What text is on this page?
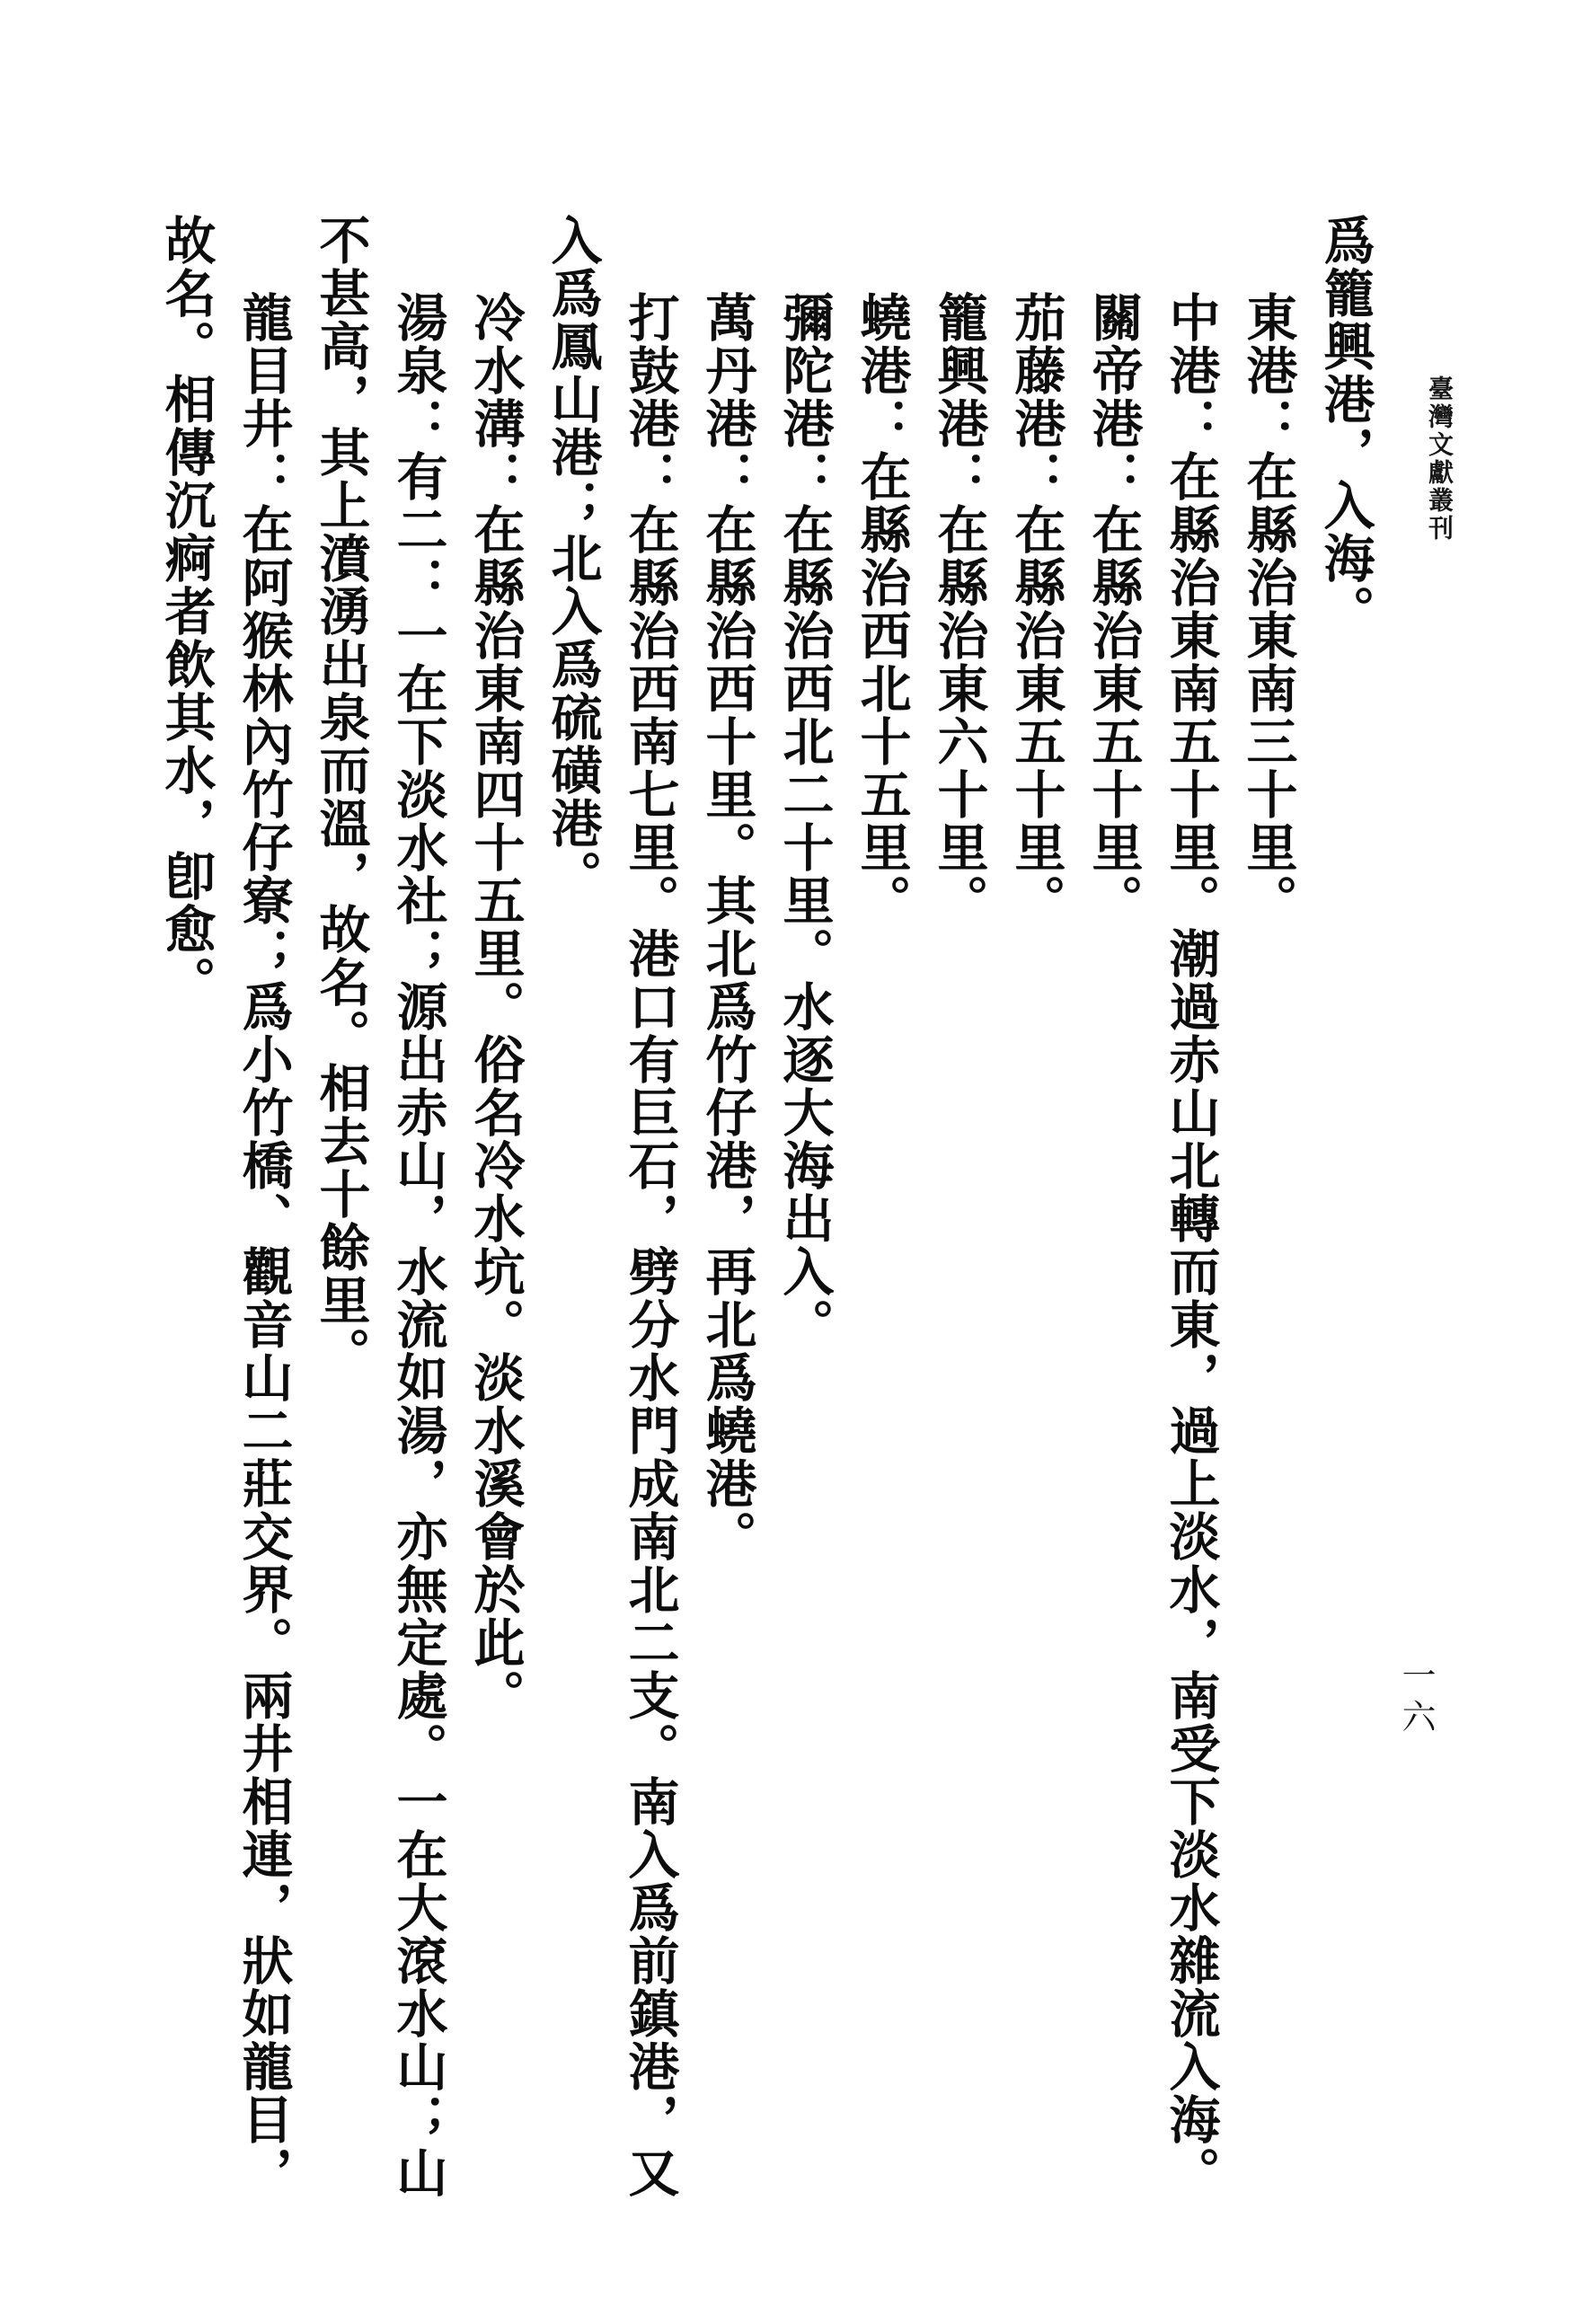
臺灣文獻叢刊
一六
爲籠興港，入海。
東港：在縣治東南三十里。
中港：在縣治東南五十里。潮過赤山北轉而東，過上淡水，南受下淡水雜流入海。
關帝港：在縣治東五十里。
茄藤港：在縣治東五十里。
籠興港：在縣治東六十里。
蟯港：在縣治西北十五里。
彌陀港：在縣治西北二十里。水逐大海出入。
萬丹港：在縣治西十里。其北爲竹仔港，再北爲蟯港。
打鼓港：在縣治西南七里。港口有巨石，劈分水門成南北二支。南入爲前鎮港，又
入爲鳳山港；北入爲硫磺港。
冷水溝：在縣治東南四十五里。俗名冷水坑。淡水溪會於此。
湯泉：有二：一在下淡水社；源出赤山，水流如湯，亦無定處。一在大滾水山；山
不甚高，其上濆湧出泉而溫，故名。相去十餘里。
龍目井：在阿猴林內竹仔寮；爲小竹橋、觀音山二莊交界。兩井相連，狀如龍目，
故名。相傳沉痾者飲其水，卽愈。
